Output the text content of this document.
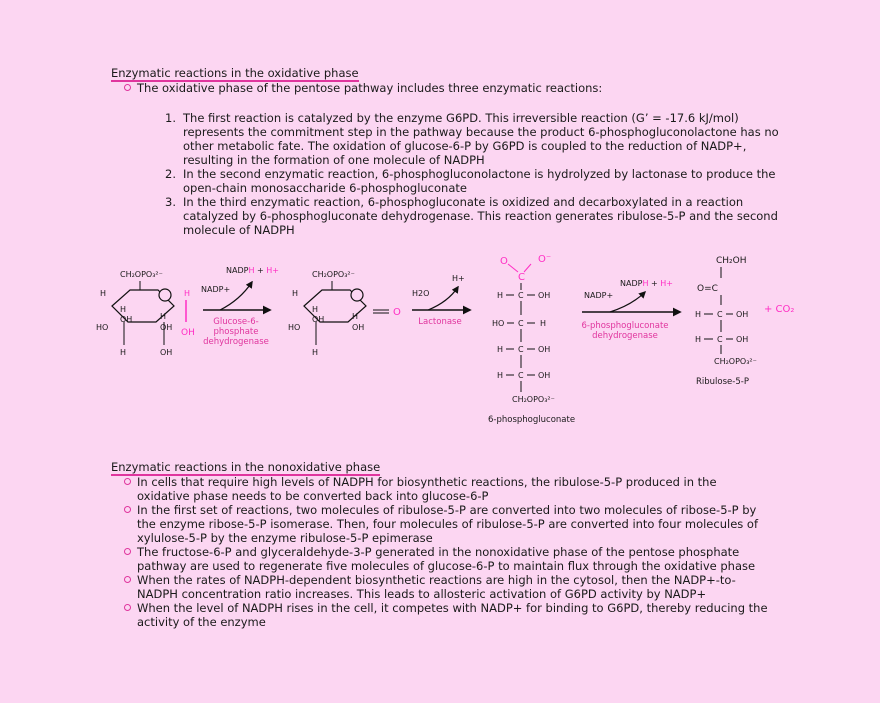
Enzymatic reactions in the oxidative phase

The oxidative phase of the pentose pathway includes three enzymatic reactions:

1. The first reaction is catalyzed by the enzyme G6PD. This irreversible reaction (G’ = -17.6 kJ/mol) represents the commitment step in the pathway because the product 6-phosphogluconolactone has no other metabolic fate. The oxidation of glucose-6-P by G6PD is coupled to the reduction of NADP+, resulting in the formation of one molecule of NADPH

2. In the second enzymatic reaction, 6-phosphogluconolactone is hydrolyzed by lactonase to produce the open-chain monosaccharide 6-phosphogluconate

3. In the third enzymatic reaction, 6-phosphogluconate is oxidized and decarboxylated in a reaction catalyzed by 6-phosphogluconate dehydrogenase. This reaction generates ribulose-5-P and the second molecule of NADPH

CH₂OPO₃²⁻
H
H
HO
OH	H
H
OH
OH
H
OH
NADP+
NADPH + H+
Glucose-6-
phosphate
dehydrogenase
CH₂OPO₃²⁻
O
H
H
HO
OH	H
H
OH
H2O
H+
Lactonase
O	O⁻
C
H C OH
HO C H
H C OH
H C OH
CH₂OPO₃²⁻
6-phosphogluconate
NADP+
NADPH + H+
6-phosphogluconate
dehydrogenase
CH₂OH
O=C
H C OH
H C OH
CH₂OPO₃²⁻
Ribulose-5-P
+ CO₂
Enzymatic reactions in the nonoxidative phase

In cells that require high levels of NADPH for biosynthetic reactions, the ribulose-5-P produced in the
oxidative phase needs to be converted back into glucose-6-P

In the first set of reactions, two molecules of ribulose-5-P are converted into two molecules of ribose-5-P by
the enzyme ribose-5-P isomerase. Then, four molecules of ribulose-5-P are converted into four molecules of
xylulose-5-P by the enzyme ribulose-5-P epimerase

The fructose-6-P and glyceraldehyde-3-P generated in the nonoxidative phase of the pentose phosphate
pathway are used to regenerate five molecules of glucose-6-P to maintain flux through the oxidative phase

When the rates of NADPH-dependent biosynthetic reactions are high in the cytosol, then the NADP+-to-
NADPH concentration ratio increases. This leads to allosteric activation of G6PD activity by NADP+

When the level of NADPH rises in the cell, it competes with NADP+ for binding to G6PD, thereby reducing the
activity of the enzyme
